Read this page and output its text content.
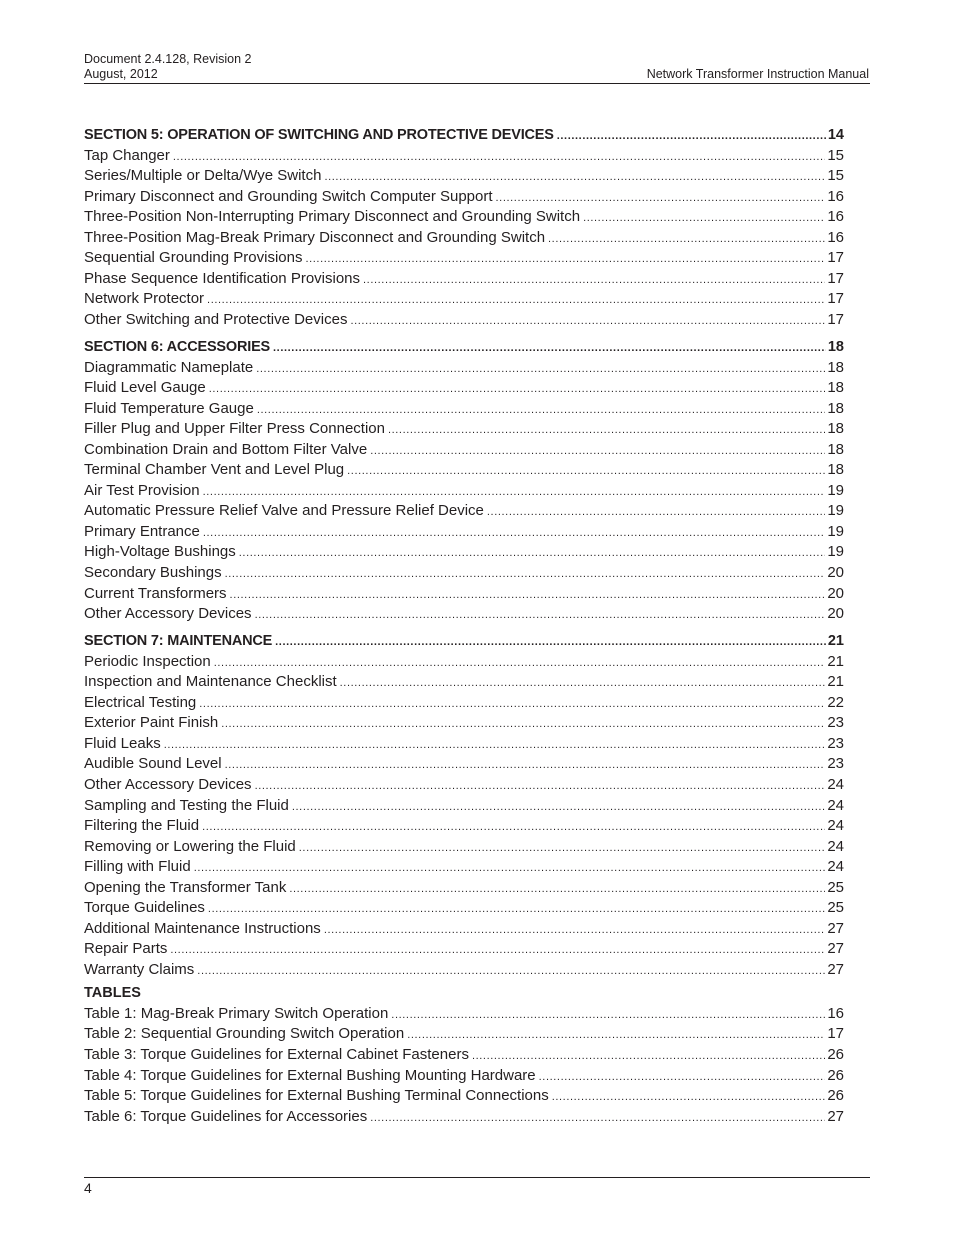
Document 2.4.128, Revision 2
August, 2012	Network Transformer Instruction Manual
SECTION 5: OPERATION OF SWITCHING AND PROTECTIVE DEVICES .....	14
Tap Changer .....	15
Series/Multiple or Delta/Wye Switch .....	15
Primary Disconnect and Grounding Switch Computer Support .....	16
Three-Position Non-Interrupting Primary Disconnect and Grounding Switch .....	16
Three-Position Mag-Break Primary Disconnect and Grounding Switch .....	16
Sequential Grounding Provisions .....	17
Phase Sequence Identification Provisions .....	17
Network Protector .....	17
Other Switching and Protective Devices .....	17
SECTION 6: ACCESSORIES .....	18
Diagrammatic Nameplate .....	18
Fluid Level Gauge .....	18
Fluid Temperature Gauge .....	18
Filler Plug and Upper Filter Press Connection .....	18
Combination Drain and Bottom Filter Valve .....	18
Terminal Chamber Vent and Level Plug .....	18
Air Test Provision .....	19
Automatic Pressure Relief Valve and Pressure Relief Device .....	19
Primary Entrance .....	19
High-Voltage Bushings .....	19
Secondary Bushings .....	20
Current Transformers .....	20
Other Accessory Devices .....	20
SECTION 7: MAINTENANCE .....	21
Periodic Inspection .....	21
Inspection and Maintenance Checklist .....	21
Electrical Testing .....	22
Exterior Paint Finish .....	23
Fluid Leaks .....	23
Audible Sound Level .....	23
Other Accessory Devices .....	24
Sampling and Testing the Fluid .....	24
Filtering the Fluid .....	24
Removing or Lowering the Fluid .....	24
Filling with Fluid .....	24
Opening the Transformer Tank .....	25
Torque Guidelines .....	25
Additional Maintenance Instructions .....	27
Repair Parts .....	27
Warranty Claims .....	27
TABLES
Table 1: Mag-Break Primary Switch Operation .....	16
Table 2: Sequential Grounding Switch Operation .....	17
Table 3: Torque Guidelines for External Cabinet Fasteners .....	26
Table 4: Torque Guidelines for External Bushing Mounting Hardware .....	26
Table 5: Torque Guidelines for External Bushing Terminal Connections .....	26
Table 6: Torque Guidelines for Accessories .....	27
4
